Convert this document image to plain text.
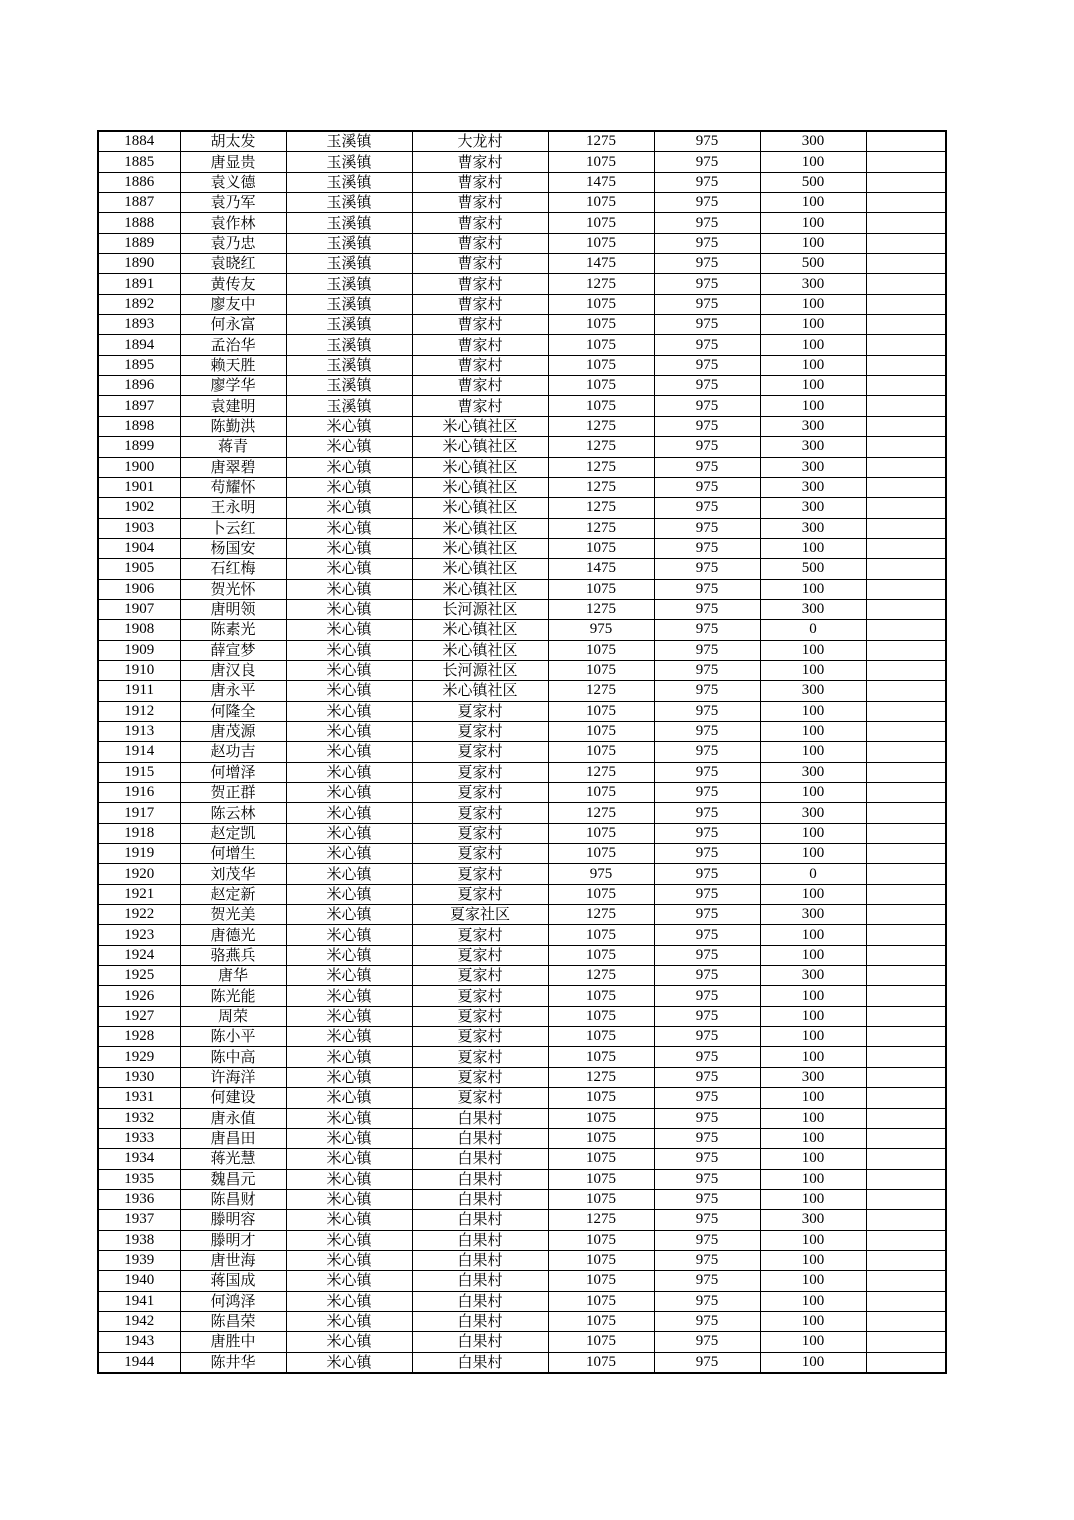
1884	胡太发	玉溪镇	大龙村	1275	975	300	
1885	唐显贵	玉溪镇	曹家村	1075	975	100	
1886	袁义德	玉溪镇	曹家村	1475	975	500	
1887	袁乃军	玉溪镇	曹家村	1075	975	100	
1888	袁作林	玉溪镇	曹家村	1075	975	100	
1889	袁乃忠	玉溪镇	曹家村	1075	975	100	
1890	袁晓红	玉溪镇	曹家村	1475	975	500	
1891	黄传友	玉溪镇	曹家村	1275	975	300	
1892	廖友中	玉溪镇	曹家村	1075	975	100	
1893	何永富	玉溪镇	曹家村	1075	975	100	
1894	孟治华	玉溪镇	曹家村	1075	975	100	
1895	赖天胜	玉溪镇	曹家村	1075	975	100	
1896	廖学华	玉溪镇	曹家村	1075	975	100	
1897	袁建明	玉溪镇	曹家村	1075	975	100	
1898	陈勤洪	米心镇	米心镇社区	1275	975	300	
1899	蒋青	米心镇	米心镇社区	1275	975	300	
1900	唐翠碧	米心镇	米心镇社区	1275	975	300	
1901	苟耀怀	米心镇	米心镇社区	1275	975	300	
1902	王永明	米心镇	米心镇社区	1275	975	300	
1903	卜云红	米心镇	米心镇社区	1275	975	300	
1904	杨国安	米心镇	米心镇社区	1075	975	100	
1905	石红梅	米心镇	米心镇社区	1475	975	500	
1906	贺光怀	米心镇	米心镇社区	1075	975	100	
1907	唐明领	米心镇	长河源社区	1275	975	300	
1908	陈素光	米心镇	米心镇社区	975	975	0	
1909	薛宣梦	米心镇	米心镇社区	1075	975	100	
1910	唐汉良	米心镇	长河源社区	1075	975	100	
1911	唐永平	米心镇	米心镇社区	1275	975	300	
1912	何隆全	米心镇	夏家村	1075	975	100	
1913	唐茂源	米心镇	夏家村	1075	975	100	
1914	赵功吉	米心镇	夏家村	1075	975	100	
1915	何增泽	米心镇	夏家村	1275	975	300	
1916	贺正群	米心镇	夏家村	1075	975	100	
1917	陈云林	米心镇	夏家村	1275	975	300	
1918	赵定凯	米心镇	夏家村	1075	975	100	
1919	何增生	米心镇	夏家村	1075	975	100	
1920	刘茂华	米心镇	夏家村	975	975	0	
1921	赵定新	米心镇	夏家村	1075	975	100	
1922	贺光美	米心镇	夏家社区	1275	975	300	
1923	唐德光	米心镇	夏家村	1075	975	100	
1924	骆燕兵	米心镇	夏家村	1075	975	100	
1925	唐华	米心镇	夏家村	1275	975	300	
1926	陈光能	米心镇	夏家村	1075	975	100	
1927	周荣	米心镇	夏家村	1075	975	100	
1928	陈小平	米心镇	夏家村	1075	975	100	
1929	陈中高	米心镇	夏家村	1075	975	100	
1930	许海洋	米心镇	夏家村	1275	975	300	
1931	何建设	米心镇	夏家村	1075	975	100	
1932	唐永值	米心镇	白果村	1075	975	100	
1933	唐昌田	米心镇	白果村	1075	975	100	
1934	蒋光慧	米心镇	白果村	1075	975	100	
1935	魏昌元	米心镇	白果村	1075	975	100	
1936	陈昌财	米心镇	白果村	1075	975	100	
1937	滕明容	米心镇	白果村	1275	975	300	
1938	滕明才	米心镇	白果村	1075	975	100	
1939	唐世海	米心镇	白果村	1075	975	100	
1940	蒋国成	米心镇	白果村	1075	975	100	
1941	何鸿泽	米心镇	白果村	1075	975	100	
1942	陈昌荣	米心镇	白果村	1075	975	100	
1943	唐胜中	米心镇	白果村	1075	975	100	
1944	陈井华	米心镇	白果村	1075	975	100	
